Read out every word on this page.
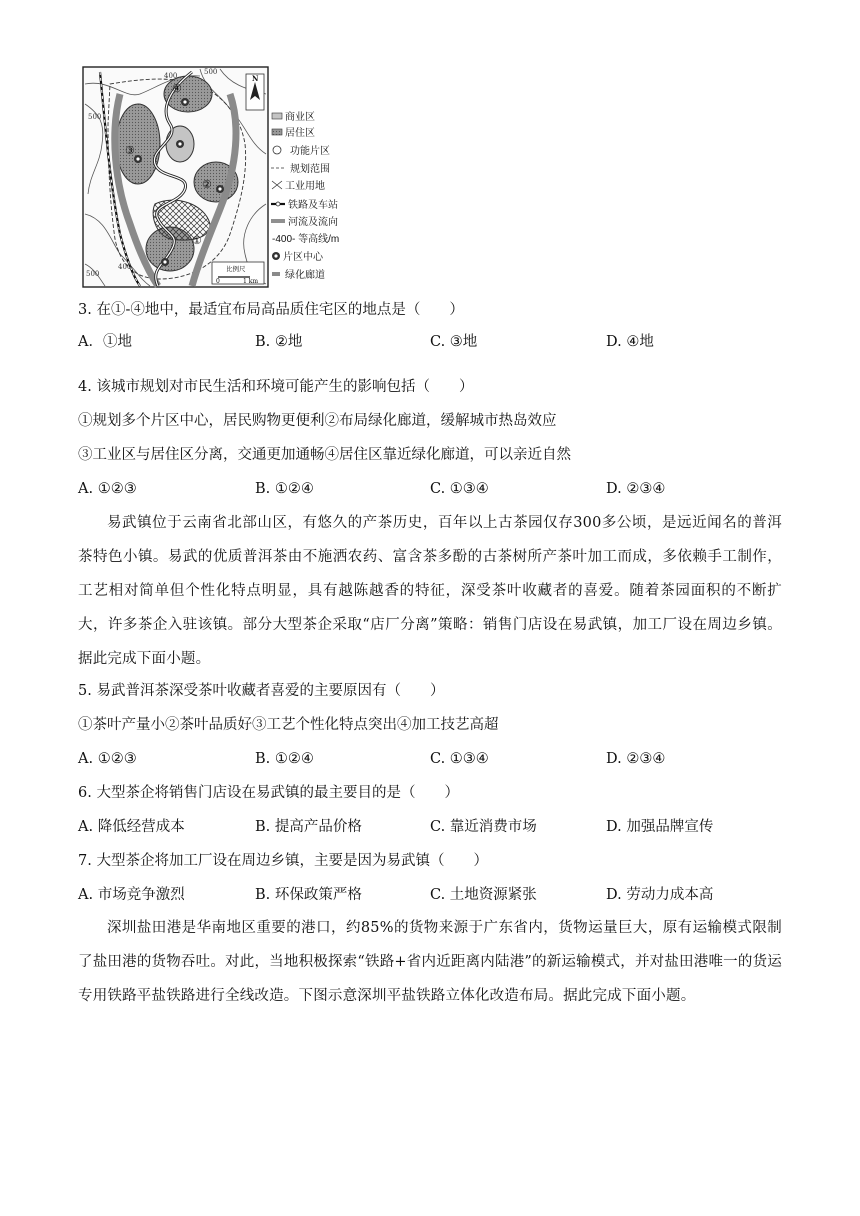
③
④
②
①
400	500
500
400
500
N
比例尺
0	1 km
商业区
居住区
功能片区
规划范围
工业用地
铁路及车站
河流及流向
-400- 等高线/m
片区中心
绿化廊道
3. 在①-④地中，最适宜布局高品质住宅区的地点是（　　）
A．①地	B. ②地	C. ③地	D. ④地
4. 该城市规划对市民生活和环境可能产生的影响包括（　　）
①规划多个片区中心，居民购物更便利②布局绿化廊道，缓解城市热岛效应
③工业区与居住区分离，交通更加通畅④居住区靠近绿化廊道，可以亲近自然
A. ①②③	B. ①②④	C. ①③④	D. ②③④
易武镇位于云南省北部山区，有悠久的产茶历史，百年以上古茶园仅存300多公顷，是远近闻名的普洱茶特色小镇。易武的优质普洱茶由不施洒农药、富含茶多酚的古茶树所产茶叶加工而成，多依赖手工制作，工艺相对简单但个性化特点明显，具有越陈越香的特征，深受茶叶收藏者的喜爱。随着茶园面积的不断扩大，许多茶企入驻该镇。部分大型茶企采取“店厂分离”策略：销售门店设在易武镇，加工厂设在周边乡镇。据此完成下面小题。
5. 易武普洱茶深受茶叶收藏者喜爱的主要原因有（　　）
①茶叶产量小②茶叶品质好③工艺个性化特点突出④加工技艺高超
A. ①②③	B. ①②④	C. ①③④	D. ②③④
6. 大型茶企将销售门店设在易武镇的最主要目的是（　　）
A. 降低经营成本	B. 提高产品价格	C. 靠近消费市场	D. 加强品牌宣传
7. 大型茶企将加工厂设在周边乡镇，主要是因为易武镇（　　）
A. 市场竞争激烈	B. 环保政策严格	C. 土地资源紧张	D. 劳动力成本高
深圳盐田港是华南地区重要的港口，约85%的货物来源于广东省内，货物运量巨大，原有运输模式限制了盐田港的货物吞吐。对此，当地积极探索“铁路+省内近距离内陆港”的新运输模式，并对盐田港唯一的货运专用铁路平盐铁路进行全线改造。下图示意深圳平盐铁路立体化改造布局。据此完成下面小题。
